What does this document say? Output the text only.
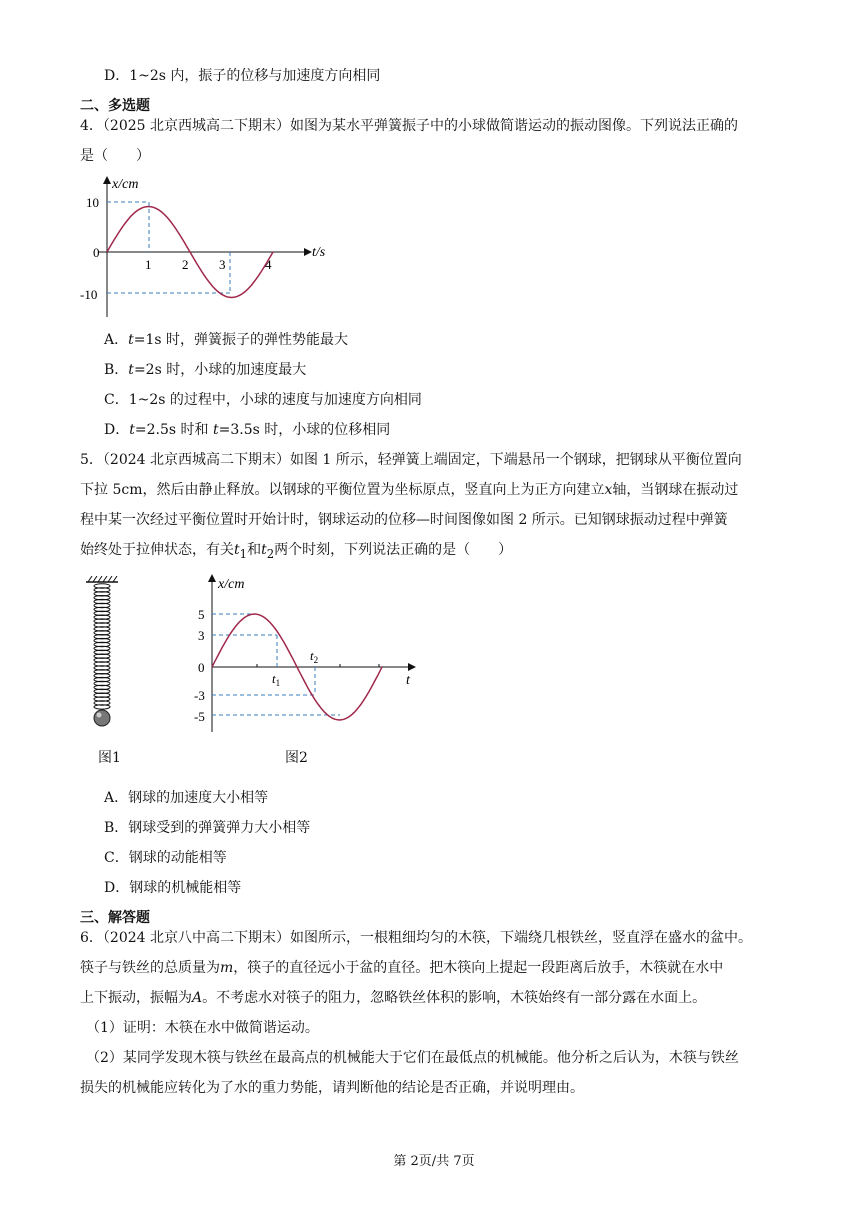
D．1~2s 内，振子的位移与加速度方向相同
二、多选题
4．（2025 北京西城高二下期末）如图为某水平弹簧振子中的小球做简谐运动的振动图像。下列说法正确的
是（　　）
x/cm
t/s
0
10
-10
1 2 3	4
A．t=1s 时，弹簧振子的弹性势能最大
B．t=2s 时，小球的加速度最大
C．1~2s 的过程中，小球的速度与加速度方向相同
D．t=2.5s 时和 t=3.5s 时，小球的位移相同
5．（2024 北京西城高二下期末）如图 1 所示，轻弹簧上端固定，下端悬吊一个钢球，把钢球从平衡位置向
下拉 5cm，然后由静止释放。以钢球的平衡位置为坐标原点，竖直向上为正方向建立x轴，当钢球在振动过
程中某一次经过平衡位置时开始计时，钢球运动的位移—时间图像如图 2 所示。已知钢球振动过程中弹簧
始终处于拉伸状态，有关$t_1$和$t_2$两个时刻，下列说法正确的是（　　）
图1
x/cm
t
0
5
3
-3
-5
$t_1$
$t_2$
图2
A．钢球的加速度大小相等
B．钢球受到的弹簧弹力大小相等
C．钢球的动能相等
D．钢球的机械能相等
三、解答题
6．（2024 北京八中高二下期末）如图所示，一根粗细均匀的木筷，下端绕几根铁丝，竖直浮在盛水的盆中。
筷子与铁丝的总质量为m，筷子的直径远小于盆的直径。把木筷向上提起一段距离后放手，木筷就在水中
上下振动，振幅为A。不考虑水对筷子的阻力，忽略铁丝体积的影响，木筷始终有一部分露在水面上。
（1）证明：木筷在水中做简谐运动。
（2）某同学发现木筷与铁丝在最高点的机械能大于它们在最低点的机械能。他分析之后认为，木筷与铁丝
损失的机械能应转化为了水的重力势能，请判断他的结论是否正确，并说明理由。
第 2页/共 7页
